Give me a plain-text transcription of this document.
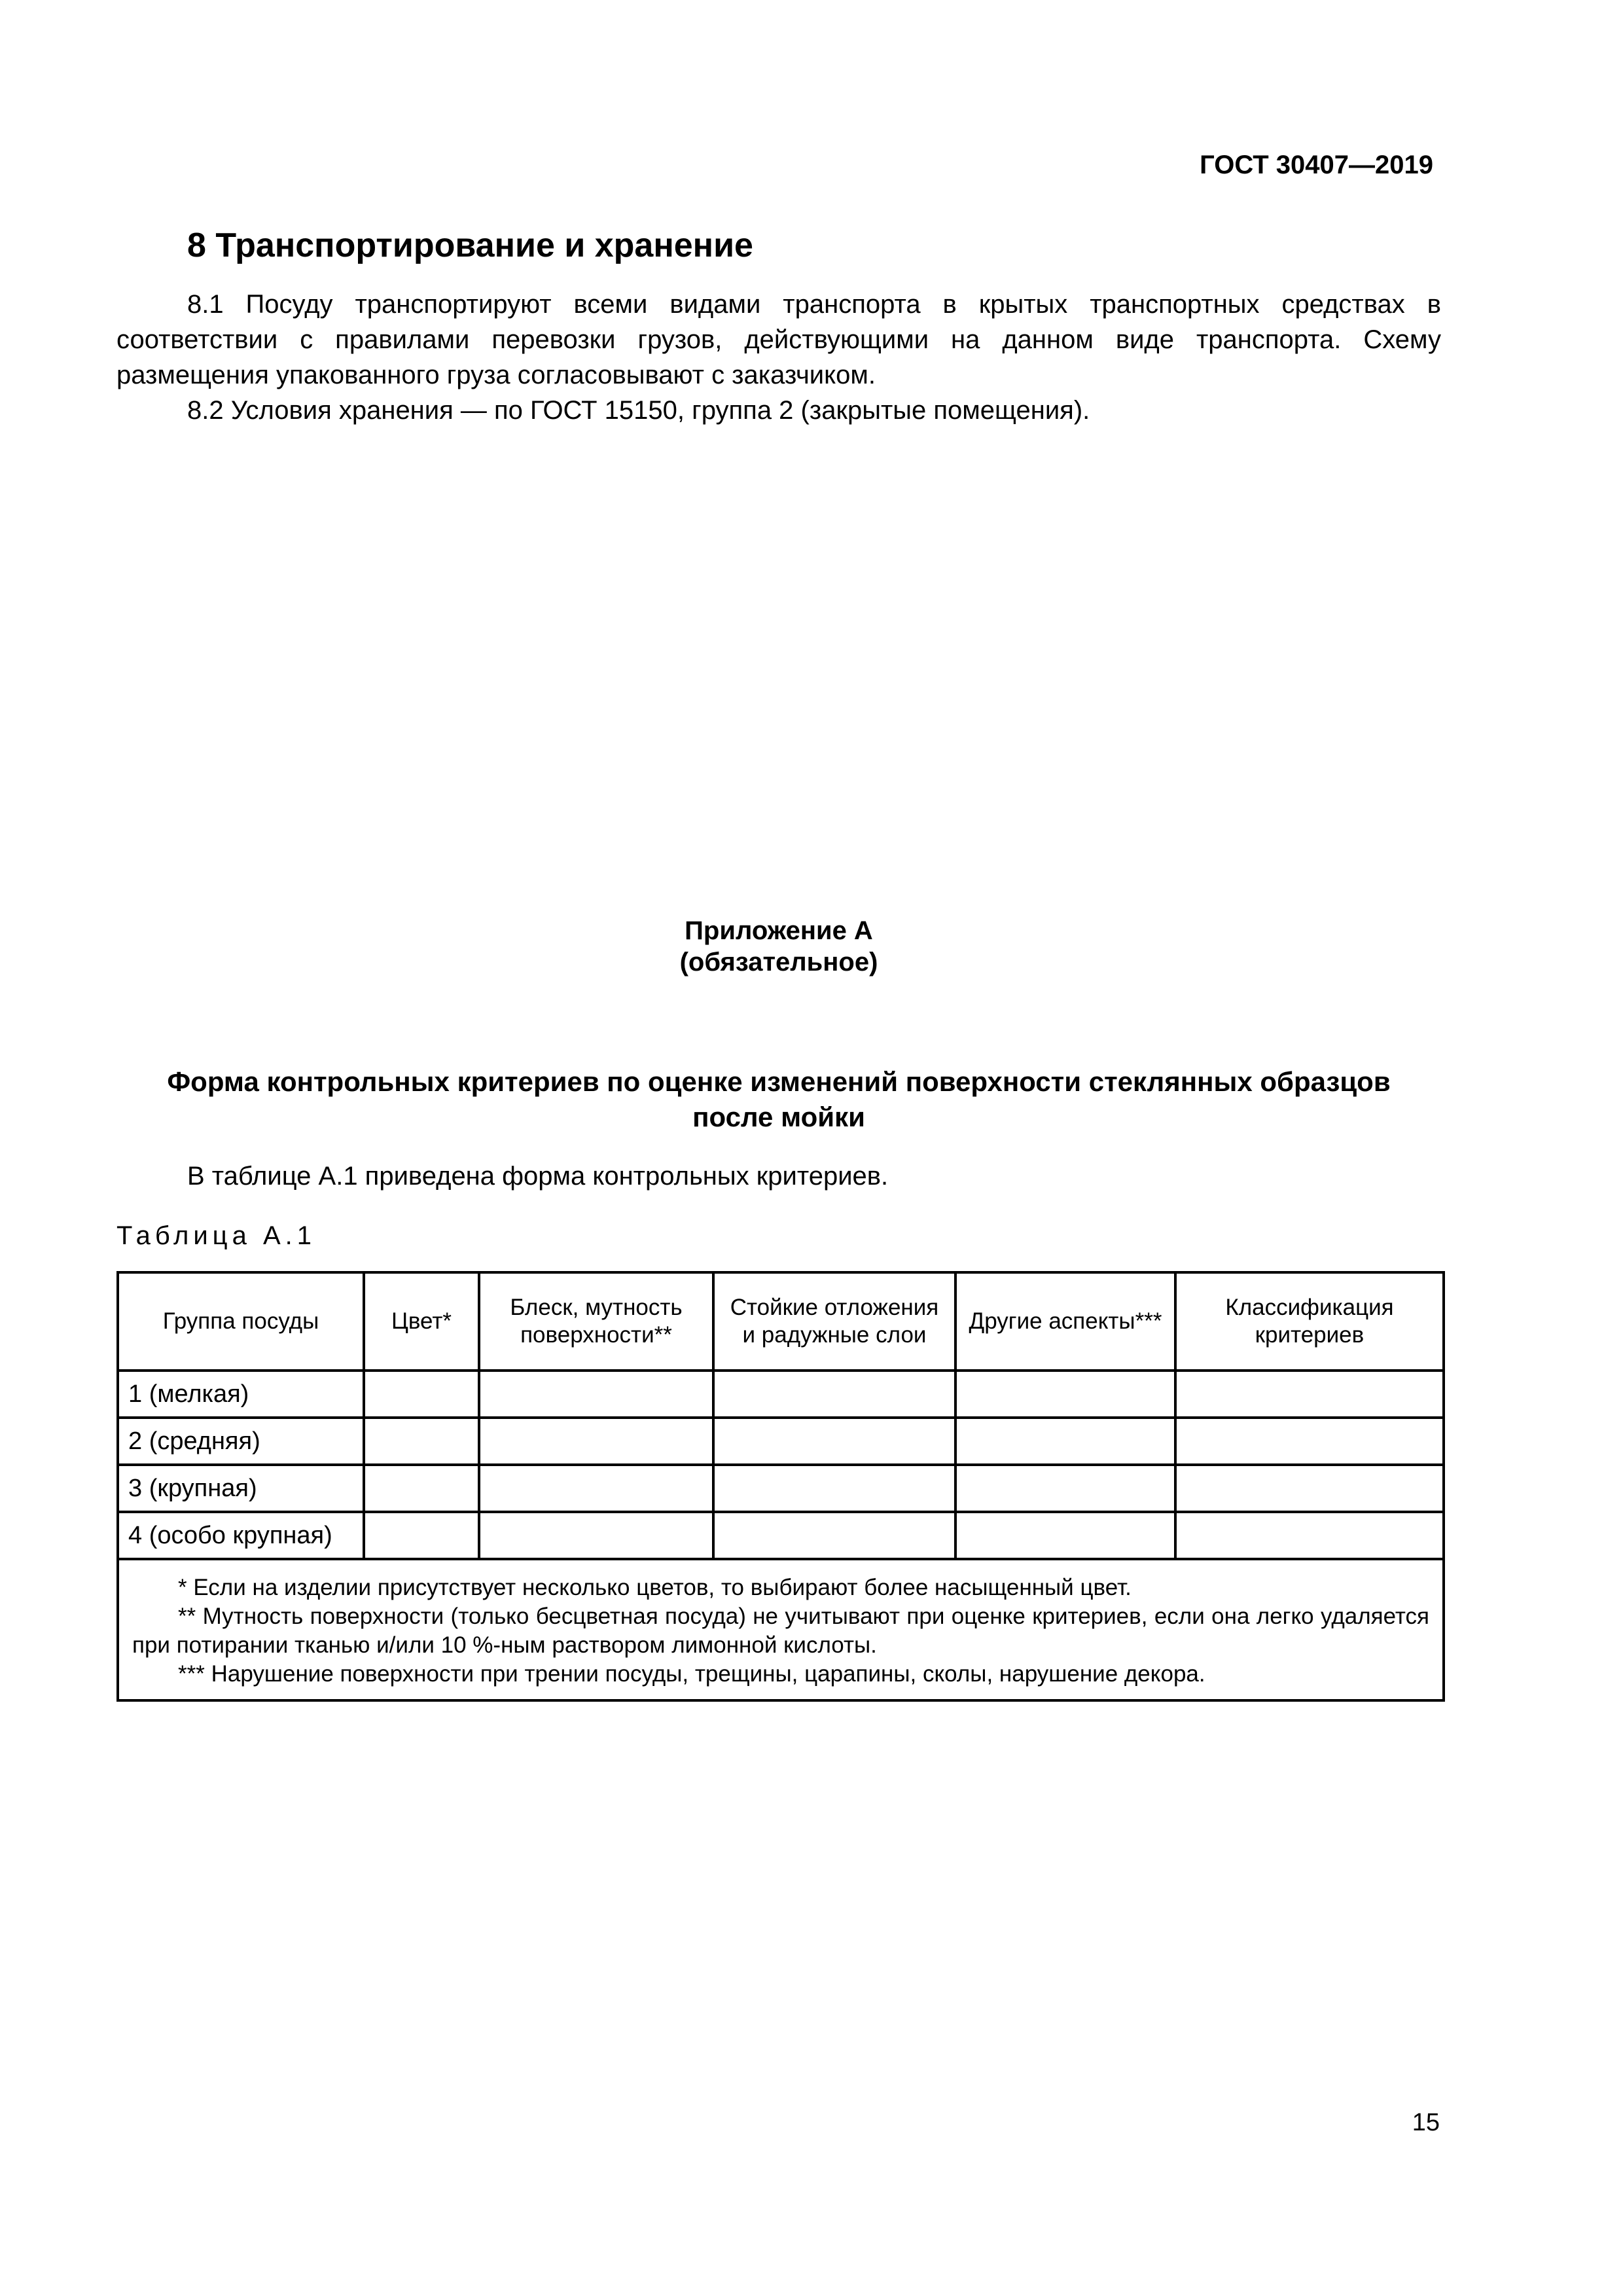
ГОСТ 30407—2019
8 Транспортирование и хранение
8.1 Посуду транспортируют всеми видами транспорта в крытых транспортных средствах в соответствии с правилами перевозки грузов, действующими на данном виде транспорта. Схему размещения упакованного груза согласовывают с заказчиком.
8.2 Условия хранения — по ГОСТ 15150, группа 2 (закрытые помещения).
Приложение А
(обязательное)
Форма контрольных критериев по оценке изменений поверхности стеклянных образцов
после мойки
В таблице А.1 приведена форма контрольных критериев.
Таблица А.1
Группа посуды	Цвет*	Блеск, мутность поверхности**	Стойкие отложения и радужные слои	Другие аспекты***	Классификация критериев
1 (мелкая)					
2 (средняя)					
3 (крупная)					
4 (особо крупная)					

* Если на изделии присутствует несколько цветов, то выбирают более насыщенный цвет.
** Мутность поверхности (только бесцветная посуда) не учитывают при оценке критериев, если она легко удаляется при потирании тканью и/или 10 %-ным раствором лимонной кислоты.
*** Нарушение поверхности при трении посуды, трещины, царапины, сколы, нарушение декора.					
15
